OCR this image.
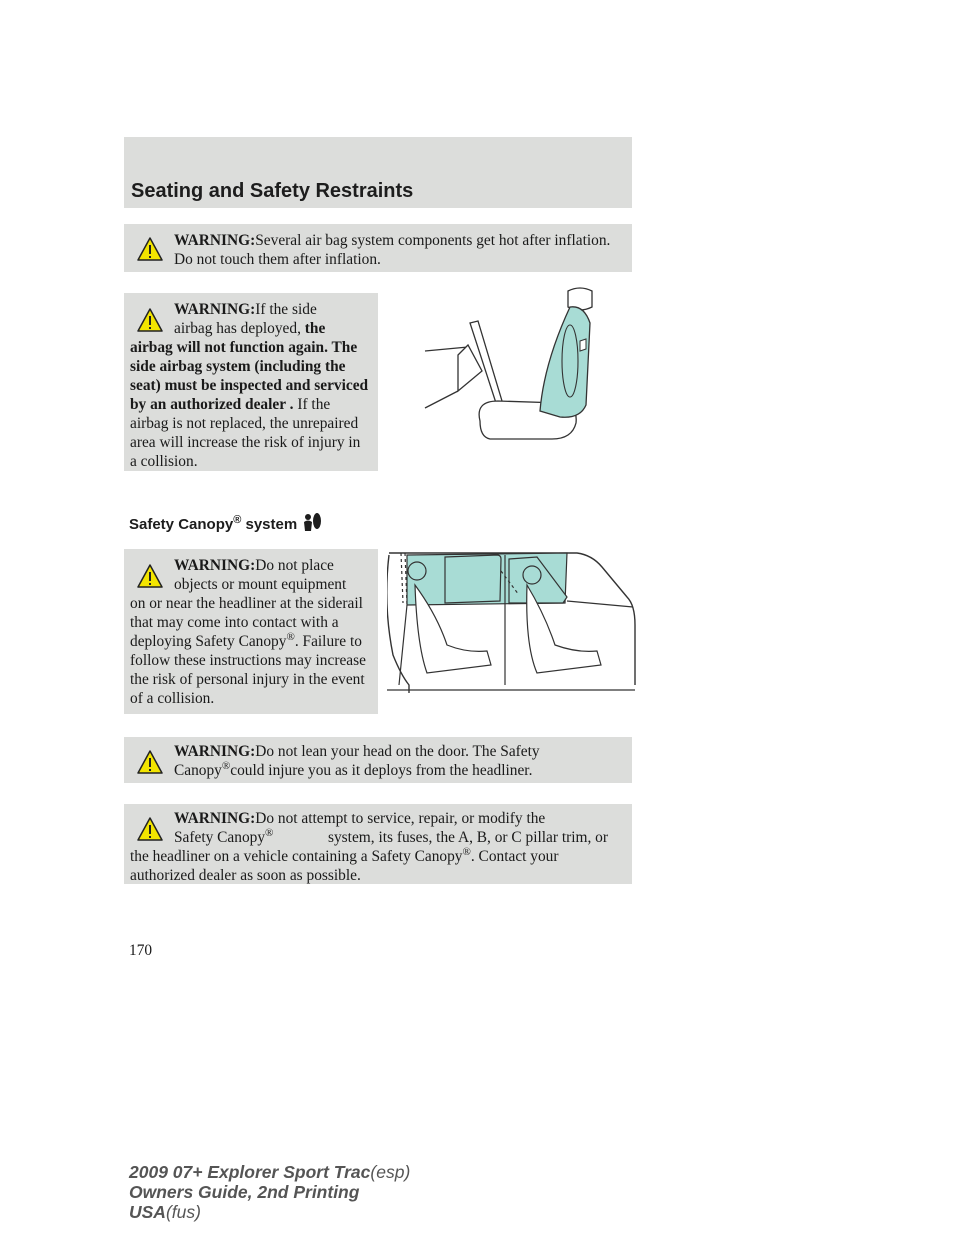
Seating and Safety Restraints

WARNING:Several air bag system components get hot after inflation. Do not touch them after inflation.

WARNING:If the side

airbag has deployed, the

airbag will not function again. The side airbag system (including the seat) must be inspected and serviced by an authorized dealer . If the airbag is not replaced, the unrepaired area will increase the risk of injury in a collision.

Safety Canopy® system

WARNING:Do not place

objects or mount equipment

on or near the headliner at the siderail that may come into contact with a deploying Safety Canopy®. Failure to follow these instructions may increase the risk of personal injury in the event of a collision.

WARNING:Do not lean your head on the door. The Safety Canopy®could injure you as it deploys from the headliner.

WARNING:Do not attempt to service, repair, or modify the

Safety Canopy®	system, its fuses, the A, B, or C pillar trim, or the headliner on a vehicle containing a Safety Canopy®. Contact your authorized dealer as soon as possible.

170
2009 07+ Explorer Sport Trac(esp)
Owners Guide, 2nd Printing
USA(fus)
